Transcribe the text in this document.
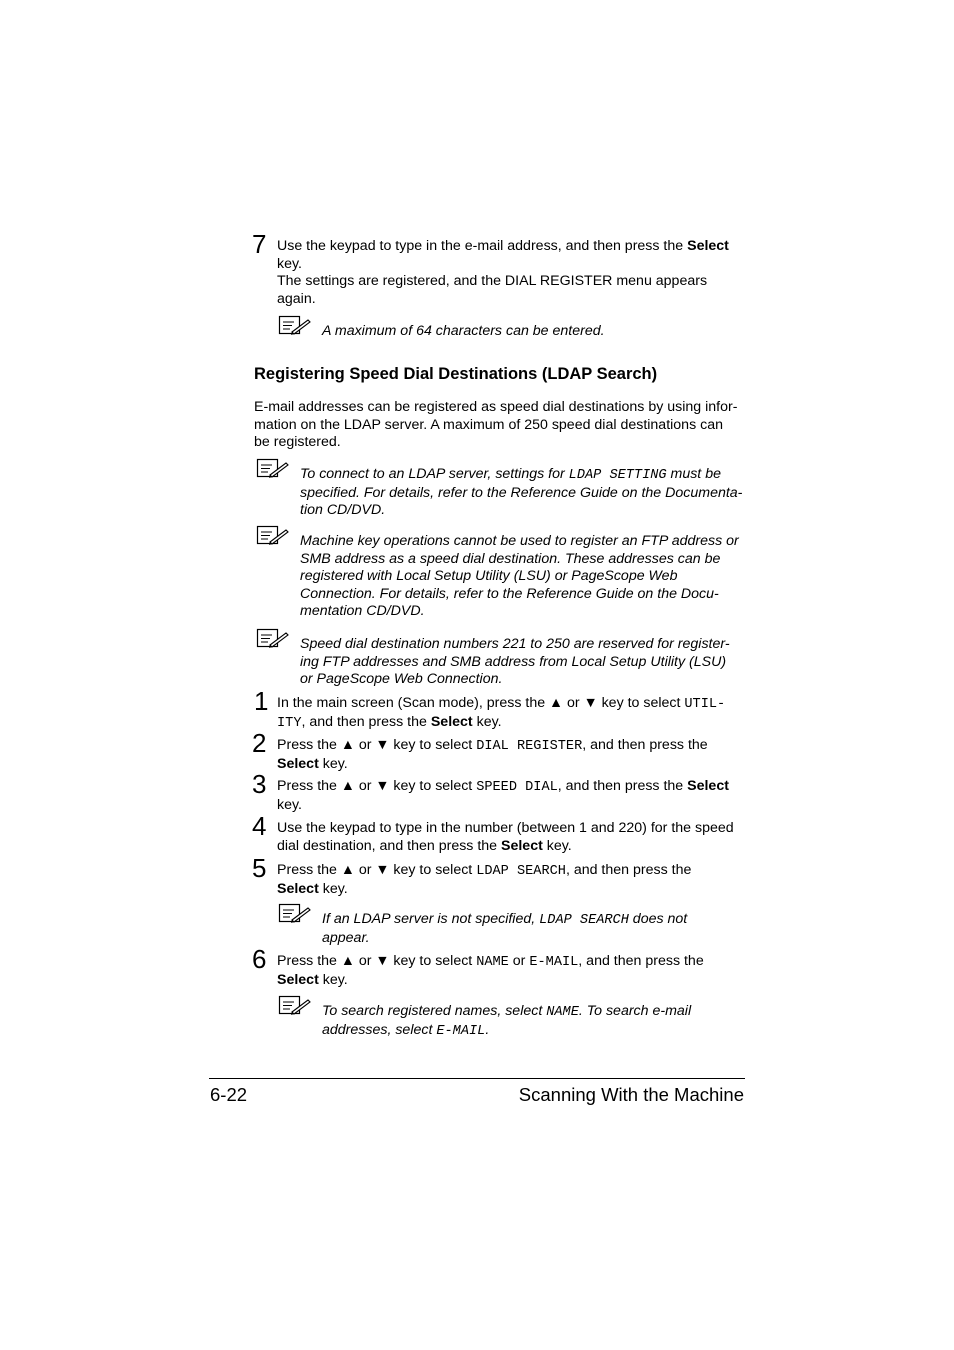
7 Use the keypad to type in the e-mail address, and then press the Select
key.
The settings are registered, and the DIAL REGISTER menu appears
again.
A maximum of 64 characters can be entered.
Registering Speed Dial Destinations (LDAP Search)
E-mail addresses can be registered as speed dial destinations by using infor-
mation on the LDAP server. A maximum of 250 speed dial destinations can
be registered.
To connect to an LDAP server, settings for LDAP SETTING must be
specified. For details, refer to the Reference Guide on the Documenta-
tion CD/DVD.
Machine key operations cannot be used to register an FTP address or
SMB address as a speed dial destination. These addresses can be
registered with Local Setup Utility (LSU) or PageScope Web
Connection. For details, refer to the Reference Guide on the Docu-
mentation CD/DVD.
Speed dial destination numbers 221 to 250 are reserved for register-
ing FTP addresses and SMB address from Local Setup Utility (LSU)
or PageScope Web Connection.
1 In the main screen (Scan mode), press the ▲ or ▼ key to select UTIL-
ITY, and then press the Select key.
2 Press the ▲ or ▼ key to select DIAL REGISTER, and then press the
Select key.
3 Press the ▲ or ▼ key to select SPEED DIAL, and then press the Select
key.
4 Use the keypad to type in the number (between 1 and 220) for the speed
dial destination, and then press the Select key.
5 Press the ▲ or ▼ key to select LDAP SEARCH, and then press the
Select key.
If an LDAP server is not specified, LDAP SEARCH does not
appear.
6 Press the ▲ or ▼ key to select NAME or E-MAIL, and then press the
Select key.
To search registered names, select NAME. To search e-mail
addresses, select E-MAIL.
6-22	Scanning With the Machine
